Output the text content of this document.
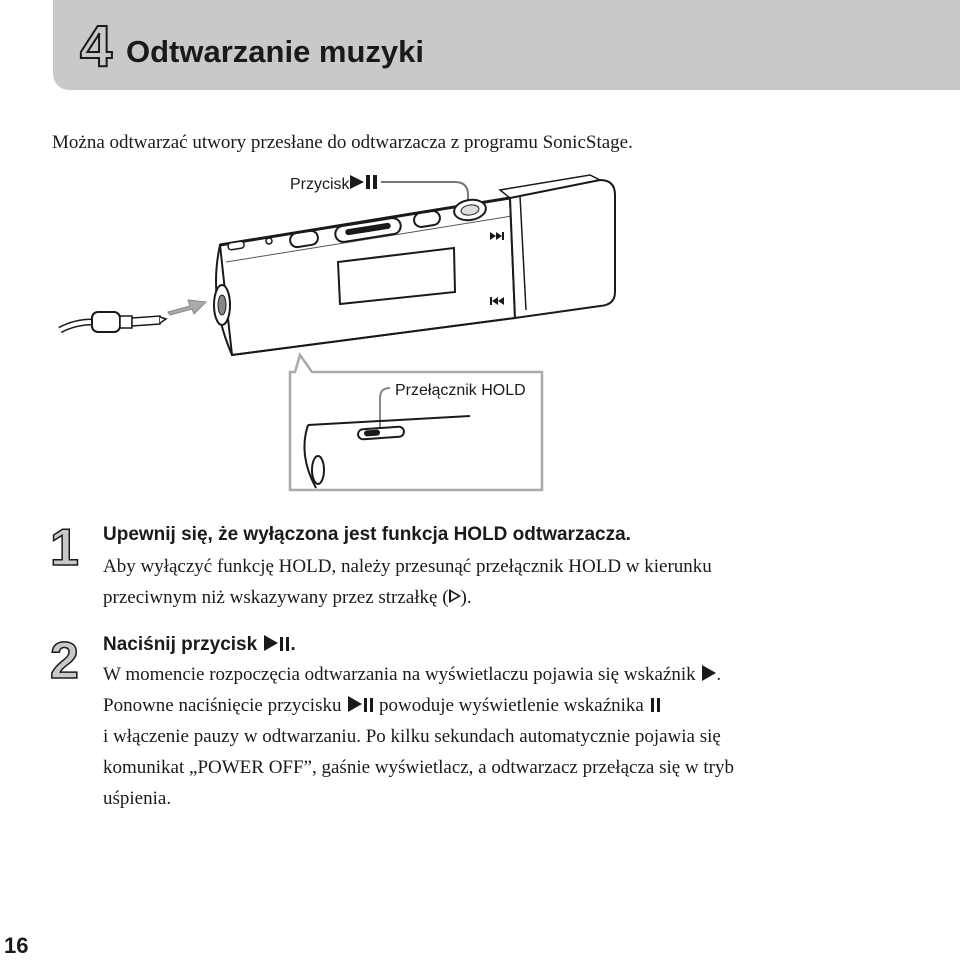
4 Odtwarzanie muzyki
Można odtwarzać utwory przesłane do odtwarzacza z programu SonicStage.
Przycisk
Przełącznik HOLD
1 Upewnij się, że wyłączona jest funkcja HOLD odtwarzacza.
Aby wyłączyć funkcję HOLD, należy przesunąć przełącznik HOLD w kierunku
przeciwnym niż wskazywany przez strzałkę ( ).
2 Naciśnij przycisk .
W momencie rozpoczęcia odtwarzania na wyświetlaczu pojawia się wskaźnik .
Ponowne naciśnięcie przycisku powoduje wyświetlenie wskaźnika
i włączenie pauzy w odtwarzaniu. Po kilku sekundach automatycznie pojawia się
komunikat „POWER OFF”, gaśnie wyświetlacz, a odtwarzacz przełącza się w tryb
uśpienia.
16
